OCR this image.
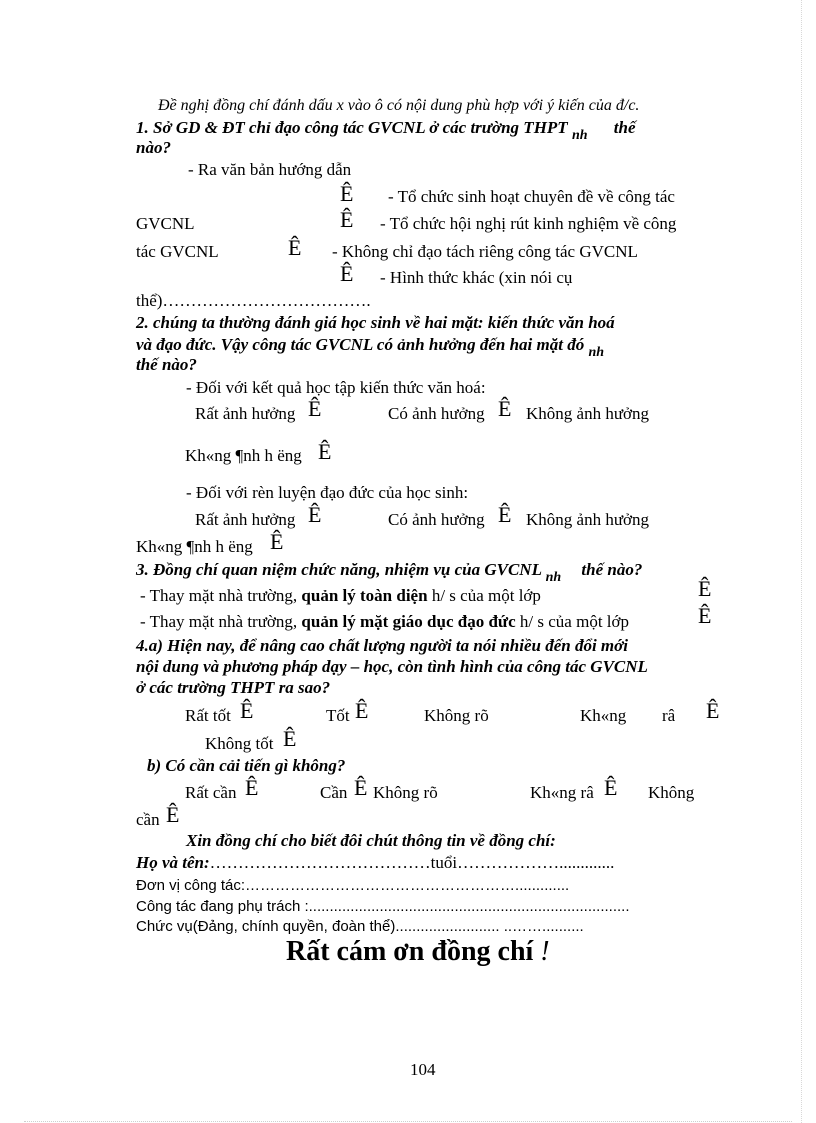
Đề nghị đồng chí đánh dấu x vào ô có nội dung phù hợp với ý kiến của đ/c.
1. Sở GD & ĐT chỉ đạo công tác GVCNL ở các trường THPT $_{nh}$ thế
nào?
- Ra văn bản hướng dẫn
Ê - Tổ chức sinh hoạt chuyên đề về công tác
GVCNL	Ê - Tổ chức hội nghị rút kinh nghiệm về công
tác GVCNL	Ê - Không chỉ đạo tách riêng công tác GVCNL
Ê - Hình thức khác (xin nói cụ
thể)……………………………….
2. chúng ta thường đánh giá học sinh về hai mặt: kiến thức văn hoá
và đạo đức. Vậy công tác GVCNL có ảnh hưởng đến hai mặt đó $_{nh}$
thế nào?
- Đối với kết quả học tập kiến thức văn hoá:
Rất ảnh hưởng Ê	Có ảnh hưởng Ê Không ảnh hưởng
Kh«ng ¶nh h ëng Ê
- Đối với rèn luyện đạo đức của học sinh:
Rất ảnh hưởng Ê	Có ảnh hưởng Ê Không ảnh hưởng
Kh«ng ¶nh h ëng Ê
3. Đồng chí quan niệm chức năng, nhiệm vụ của GVCNL $_{nh}$ thế nào?
- Thay mặt nhà trường, quản lý toàn diện h/ s của một lớp	Ê
- Thay mặt nhà trường, quản lý mặt giáo dục đạo đức h/ s của một lớp	Ê
4.a) Hiện nay, để nâng cao chất lượng người ta nói nhiều đến đổi mới
nội dung và phương pháp dạy – học, còn tình hình của công tác GVCNL
ở các trường THPT ra sao?
Rất tốt Ê	Tốt Ê	Không rõ	Kh«ng râ Ê
Không tốt Ê
b) Có cần cải tiến gì không?
Rất cần Ê	Cần Ê Không rõ	Kh«ng râ Ê Không
cần Ê
Xin đồng chí cho biết đôi chút thông tin về đồng chí:
Họ và tên:…………………………………tuổi……………….............
Đơn vị công tác:……………………………………………….............
Công tác đang phụ trách :.............................................................................
Chức vụ(Đảng, chính quyền, đoàn thể)......................... ..……..........
Rất cám ơn đồng chí !
104
